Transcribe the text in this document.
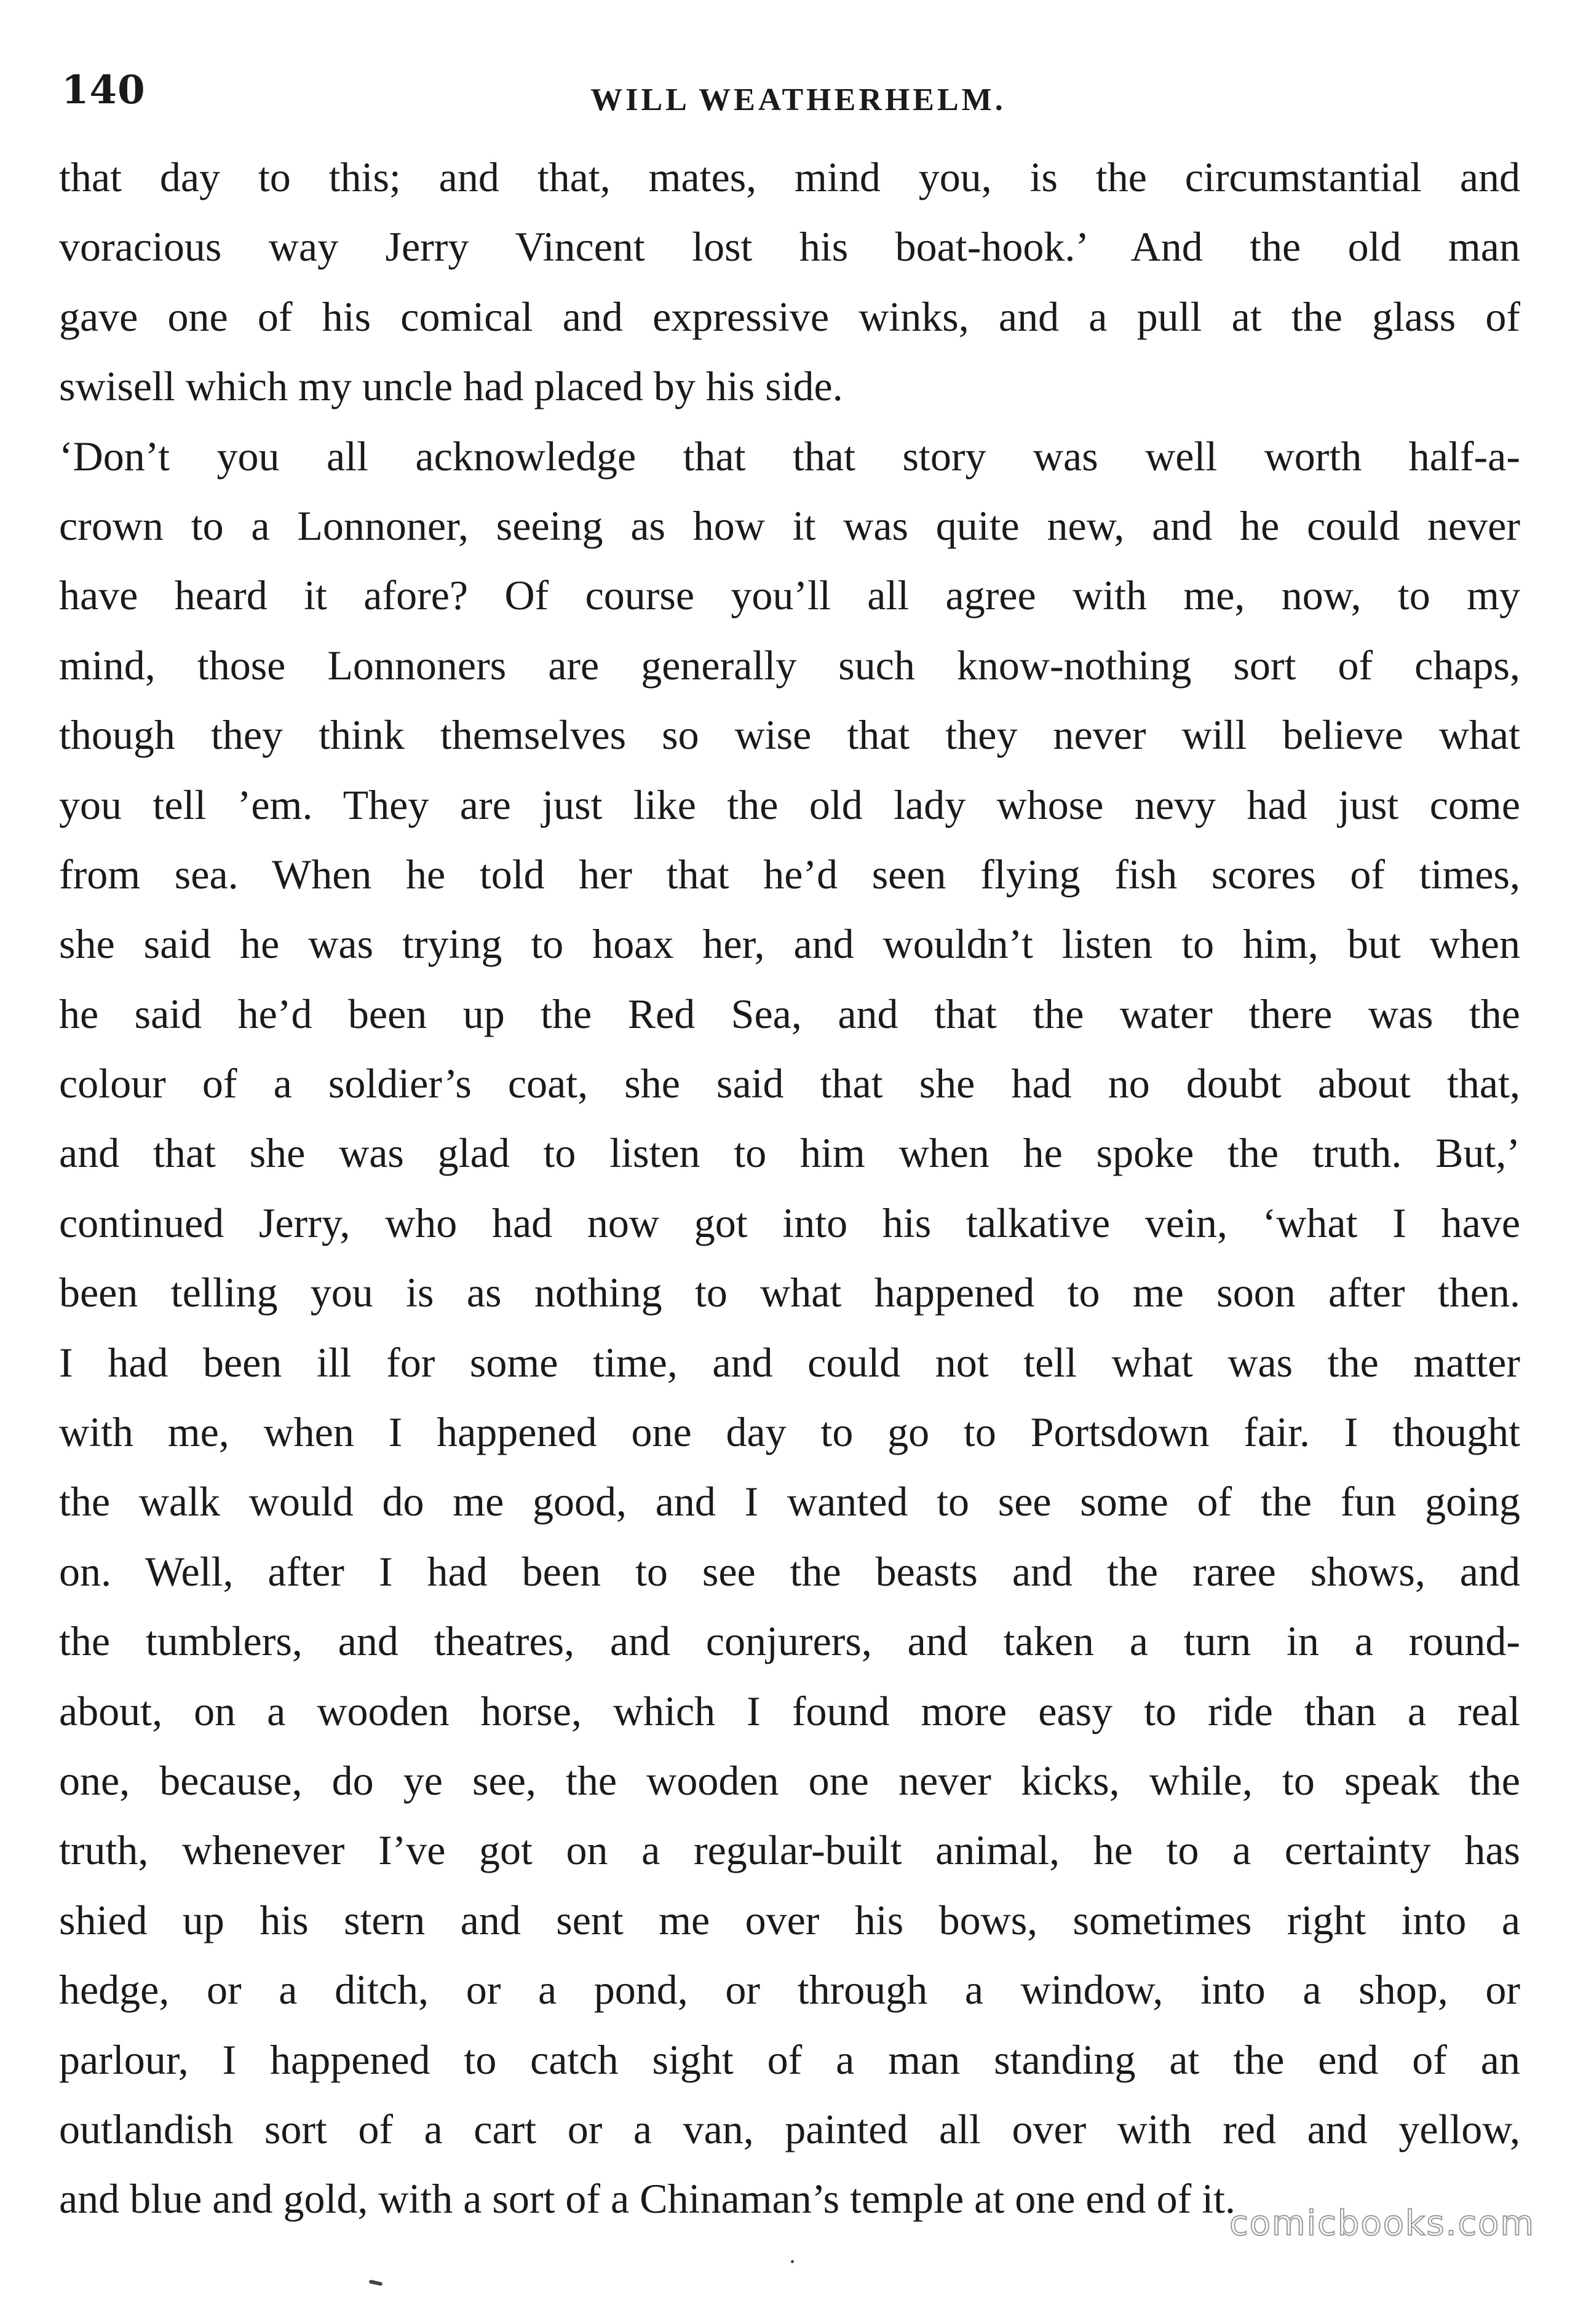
140	WILL WEATHERHELM.
that day to this; and that, mates, mind you, is the circumstantial and
voracious way Jerry Vincent lost his boat-hook.’ And the old man
gave one of his comical and expressive winks, and a pull at the glass of
swisell which my uncle had placed by his side.
‘Don’t you all acknowledge that that story was well worth half-a-
crown to a Lonnoner, seeing as how it was quite new, and he could never
have heard it afore? Of course you’ll all agree with me, now, to my
mind, those Lonnoners are generally such know-nothing sort of chaps,
though they think themselves so wise that they never will believe what
you tell ’em. They are just like the old lady whose nevy had just come
from sea. When he told her that he’d seen flying fish scores of times,
she said he was trying to hoax her, and wouldn’t listen to him, but when
he said he’d been up the Red Sea, and that the water there was the
colour of a soldier’s coat, she said that she had no doubt about that,
and that she was glad to listen to him when he spoke the truth. But,’
continued Jerry, who had now got into his talkative vein, ‘what I have
been telling you is as nothing to what happened to me soon after then.
I had been ill for some time, and could not tell what was the matter
with me, when I happened one day to go to Portsdown fair. I thought
the walk would do me good, and I wanted to see some of the fun going
on. Well, after I had been to see the beasts and the raree shows, and
the tumblers, and theatres, and conjurers, and taken a turn in a round-
about, on a wooden horse, which I found more easy to ride than a real
one, because, do ye see, the wooden one never kicks, while, to speak the
truth, whenever I’ve got on a regular-built animal, he to a certainty has
shied up his stern and sent me over his bows, sometimes right into a
hedge, or a ditch, or a pond, or through a window, into a shop, or
parlour, I happened to catch sight of a man standing at the end of an
outlandish sort of a cart or a van, painted all over with red and yellow,
and blue and gold, with a sort of a Chinaman’s temple at one end of it.
comicbooks.com
